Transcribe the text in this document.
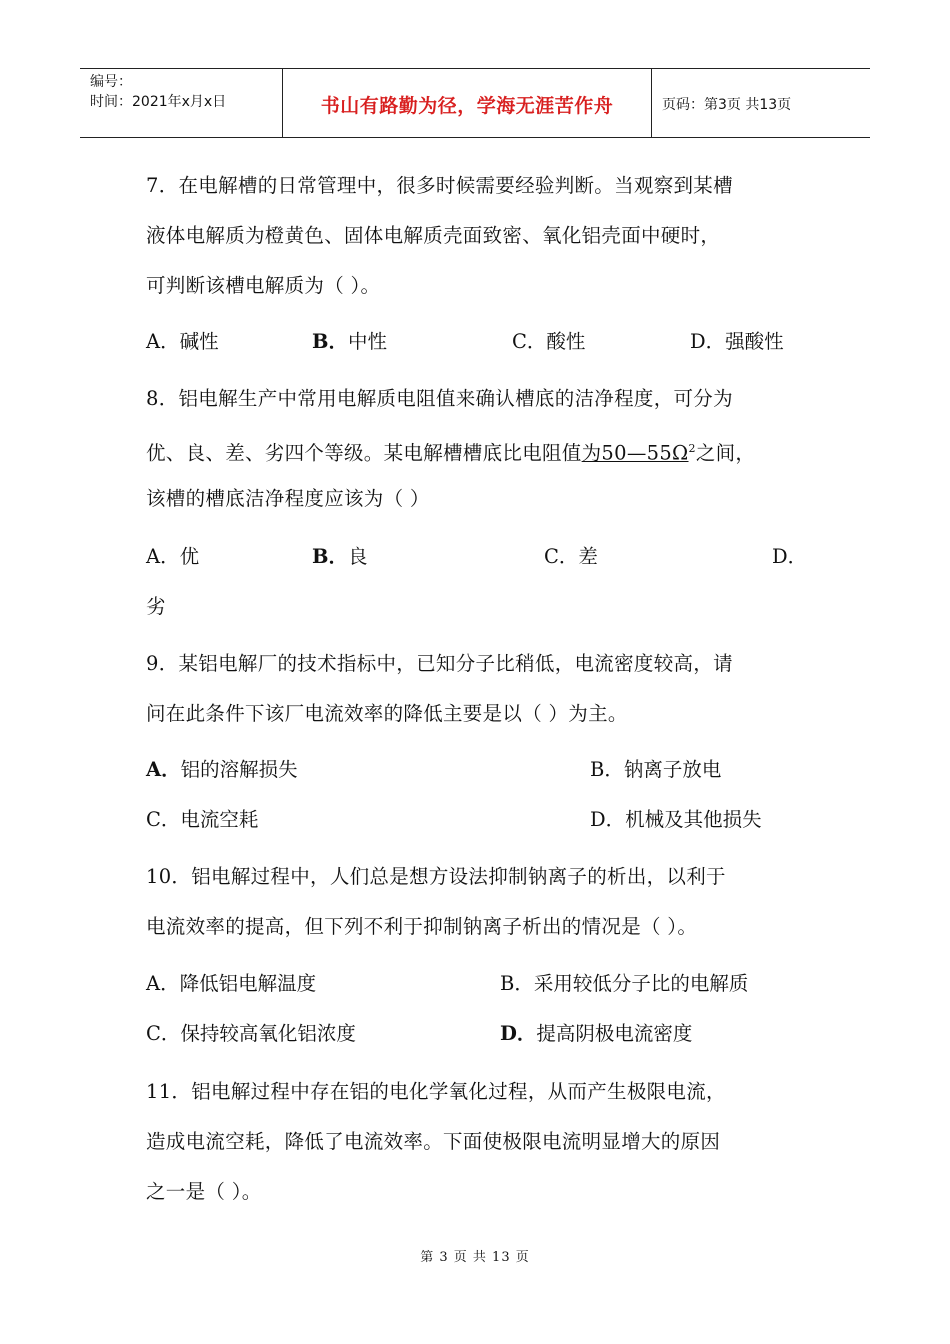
编号：
时间：2021年x月x日	书山有路勤为径，学海无涯苦作舟	页码：第3页 共13页
7．在电解槽的日常管理中，很多时候需要经验判断。当观察到某槽
液体电解质为橙黄色、固体电解质壳面致密、氧化铝壳面中硬时，
可判断该槽电解质为（ ）。
A．碱性	B．中性	C．酸性	D．强酸性
8．铝电解生产中常用电解质电阻值来确认槽底的洁净程度，可分为
优、良、差、劣四个等级。某电解槽槽底比电阻值为$50—55\Omega^2$之间，
该槽的槽底洁净程度应该为（ ）
A．优	B．良	C．差	D．
劣
9．某铝电解厂的技术指标中，已知分子比稍低，电流密度较高，请
问在此条件下该厂电流效率的降低主要是以（ ）为主。
A．铝的溶解损失	B．钠离子放电
C．电流空耗	D．机械及其他损失
10．铝电解过程中，人们总是想方设法抑制钠离子的析出，以利于
电流效率的提高，但下列不利于抑制钠离子析出的情况是（ ）。
A．降低铝电解温度	B．采用较低分子比的电解质
C．保持较高氧化铝浓度	D．提高阴极电流密度
11．铝电解过程中存在铝的电化学氧化过程，从而产生极限电流，
造成电流空耗，降低了电流效率。下面使极限电流明显增大的原因
之一是（ ）。
第 3 页 共 13 页
